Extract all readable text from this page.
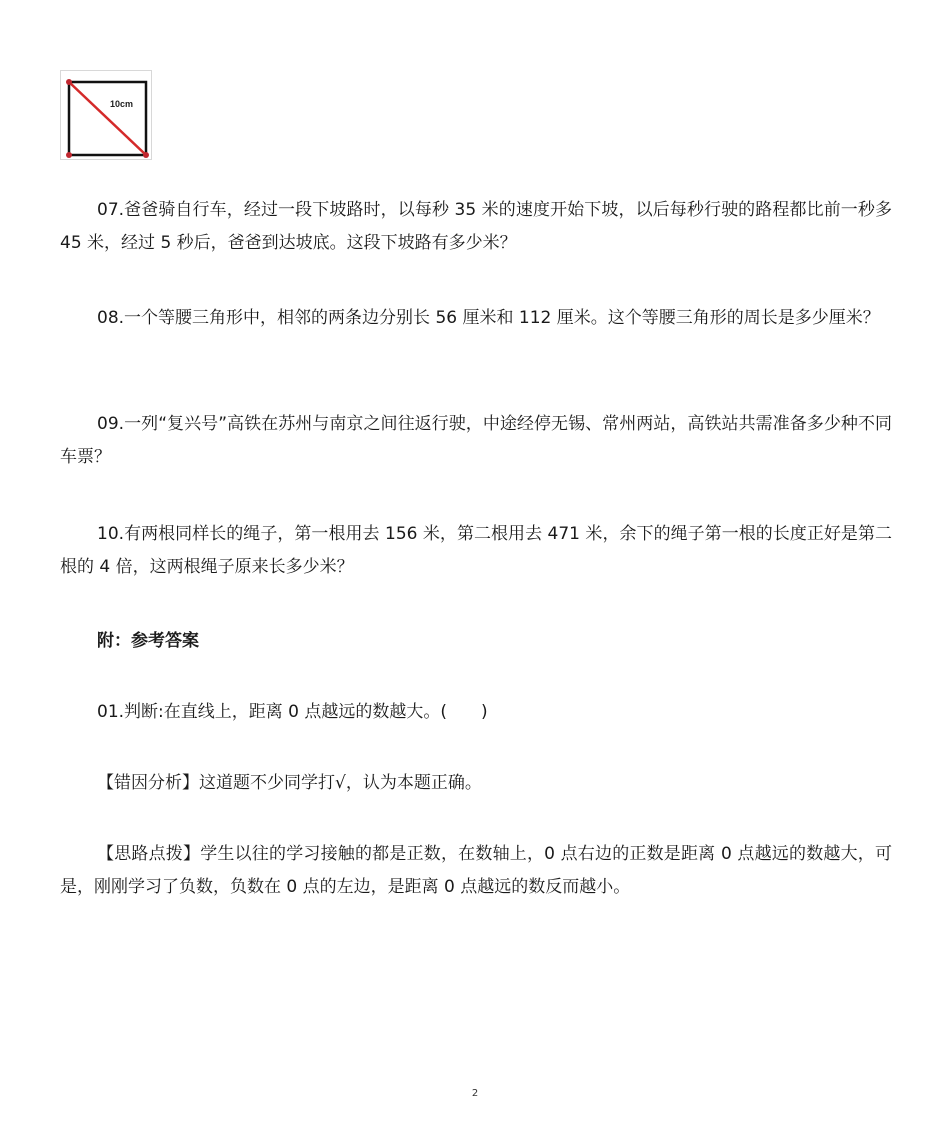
10cm

07.爸爸骑自行车，经过一段下坡路时，以每秒 35 米的速度开始下坡，以后每秒行驶的路程都比前一秒多 45 米，经过 5 秒后，爸爸到达坡底。这段下坡路有多少米？

08.一个等腰三角形中，相邻的两条边分别长 56 厘米和 112 厘米。这个等腰三角形的周长是多少厘米？

09.一列“复兴号”高铁在苏州与南京之间往返行驶，中途经停无锡、常州两站，高铁站共需准备多少种不同车票？

10.有两根同样长的绳子，第一根用去 156 米，第二根用去 471 米，余下的绳子第一根的长度正好是第二根的 4 倍，这两根绳子原来长多少米？

附：参考答案

01.判断:在直线上，距离 0 点越远的数越大。(　　)

【错因分析】这道题不少同学打√，认为本题正确。

【思路点拨】学生以往的学习接触的都是正数，在数轴上，0 点右边的正数是距离 0 点越远的数越大，可是，刚刚学习了负数，负数在 0 点的左边，是距离 0 点越远的数反而越小。

2
